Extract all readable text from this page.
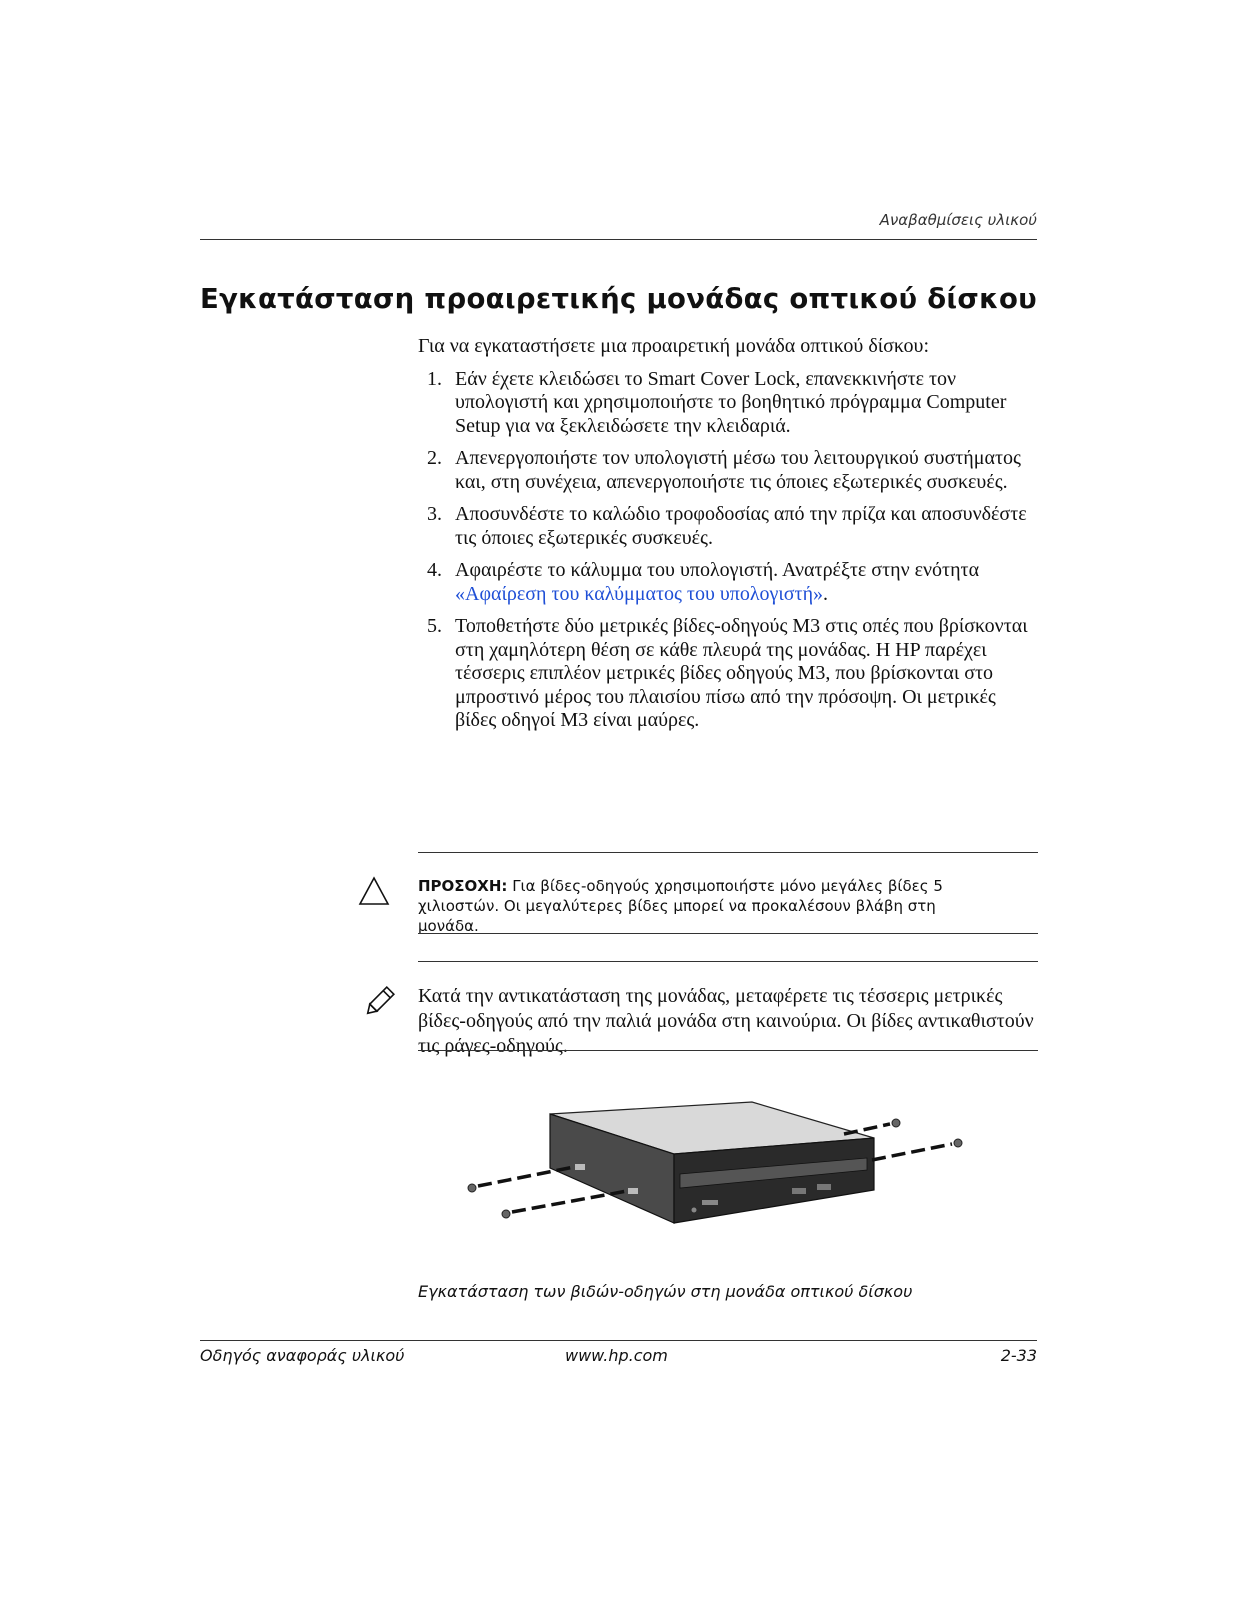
Αναβαθμίσεις υλικού
Εγκατάσταση προαιρετικής μονάδας οπτικού δίσκου

Για να εγκαταστήσετε μια προαιρετική μονάδα οπτικού δίσκου:

1. Εάν έχετε κλειδώσει το Smart Cover Lock, επανεκκινήστε τον υπολογιστή και χρησιμοποιήστε το βοηθητικό πρόγραμμα Computer Setup για να ξεκλειδώσετε την κλειδαριά.
2. Απενεργοποιήστε τον υπολογιστή μέσω του λειτουργικού συστήματος και, στη συνέχεια, απενεργοποιήστε τις όποιες εξωτερικές συσκευές.
3. Αποσυνδέστε το καλώδιο τροφοδοσίας από την πρίζα και αποσυνδέστε τις όποιες εξωτερικές συσκευές.
4. Αφαιρέστε το κάλυμμα του υπολογιστή. Ανατρέξτε στην ενότητα «Αφαίρεση του καλύμματος του υπολογιστή».
5. Τοποθετήστε δύο μετρικές βίδες-οδηγούς M3 στις οπές που βρίσκονται στη χαμηλότερη θέση σε κάθε πλευρά της μονάδας. Η HP παρέχει τέσσερις επιπλέον μετρικές βίδες οδηγούς M3, που βρίσκονται στο μπροστινό μέρος του πλαισίου πίσω από την πρόσοψη. Οι μετρικές βίδες οδηγοί M3 είναι μαύρες.
ΠΡΟΣΟΧΗ: Για βίδες-οδηγούς χρησιμοποιήστε μόνο μεγάλες βίδες 5 χιλιοστών. Οι μεγαλύτερες βίδες μπορεί να προκαλέσουν βλάβη στη μονάδα.
Κατά την αντικατάσταση της μονάδας, μεταφέρετε τις τέσσερις μετρικές βίδες-οδηγούς από την παλιά μονάδα στη καινούρια. Οι βίδες αντικαθιστούν τις ράγες-οδηγούς.
Εγκατάσταση των βιδών-οδηγών στη μονάδα οπτικού δίσκου
Οδηγός αναφοράς υλικού	www.hp.com	2-33
